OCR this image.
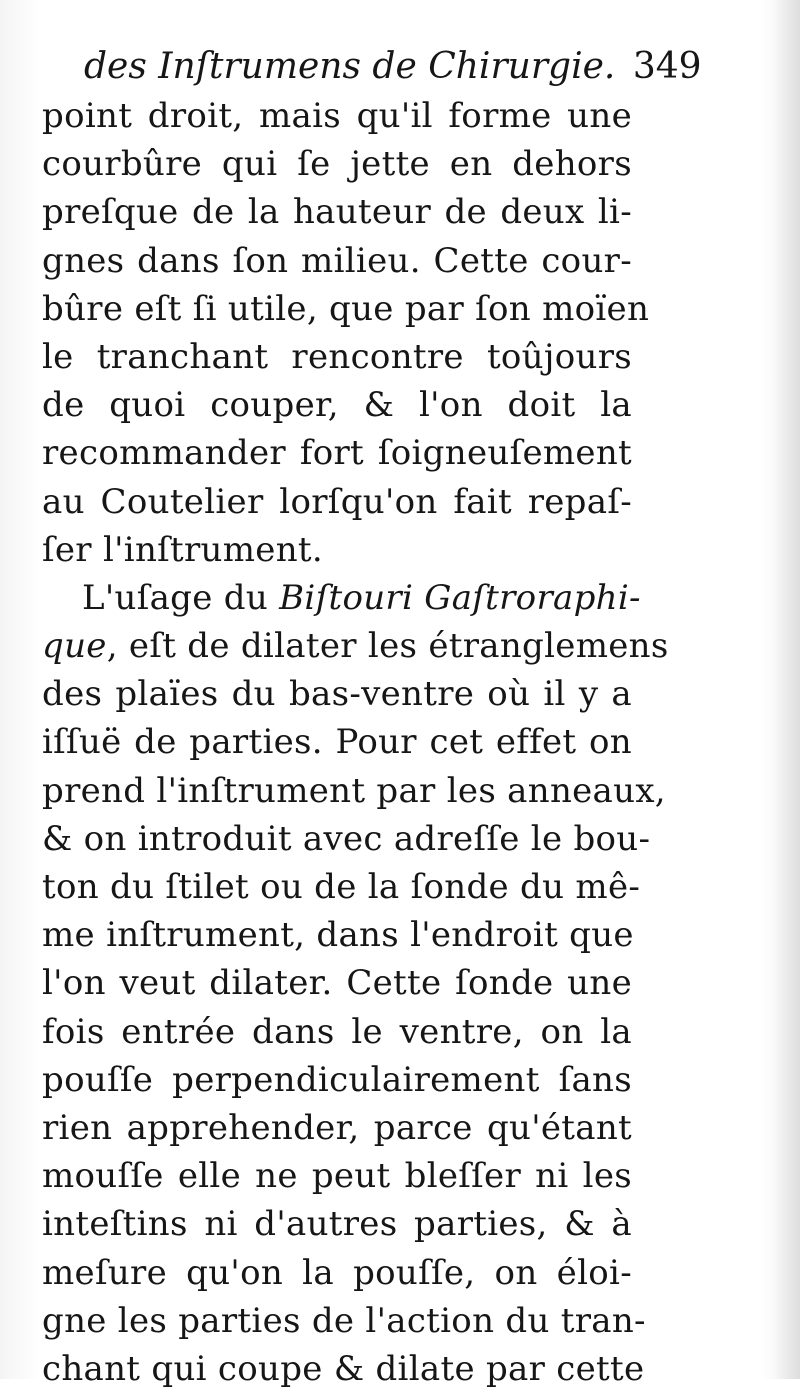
des Inſtrumens de Chirurgie. 349
point droit, mais qu'il forme une
courbûre qui ſe jette en dehors
preſque de la hauteur de deux li-
gnes dans ſon milieu. Cette cour-
bûre eſt ſi utile, que par ſon moïen
le tranchant rencontre toûjours
de quoi couper, & l'on doit la
recommander fort ſoigneuſement
au Coutelier lorſqu'on fait repaſ-
ſer l'inſtrument.
L'uſage du Biſtouri Gaſtroraphi-
que, eſt de dilater les étranglemens
des plaïes du bas-ventre où il y a
iſſuë de parties. Pour cet effet on
prend l'inſtrument par les anneaux,
& on introduit avec adreſſe le bou-
ton du ſtilet ou de la ſonde du mê-
me inſtrument, dans l'endroit que
l'on veut dilater. Cette ſonde une
fois entrée dans le ventre, on la
pouſſe perpendiculairement ſans
rien apprehender, parce qu'étant
mouſſe elle ne peut bleſſer ni les
inteſtins ni d'autres parties, & à
meſure qu'on la pouſſe, on éloi-
gne les parties de l'action du tran-
chant qui coupe & dilate par cette
